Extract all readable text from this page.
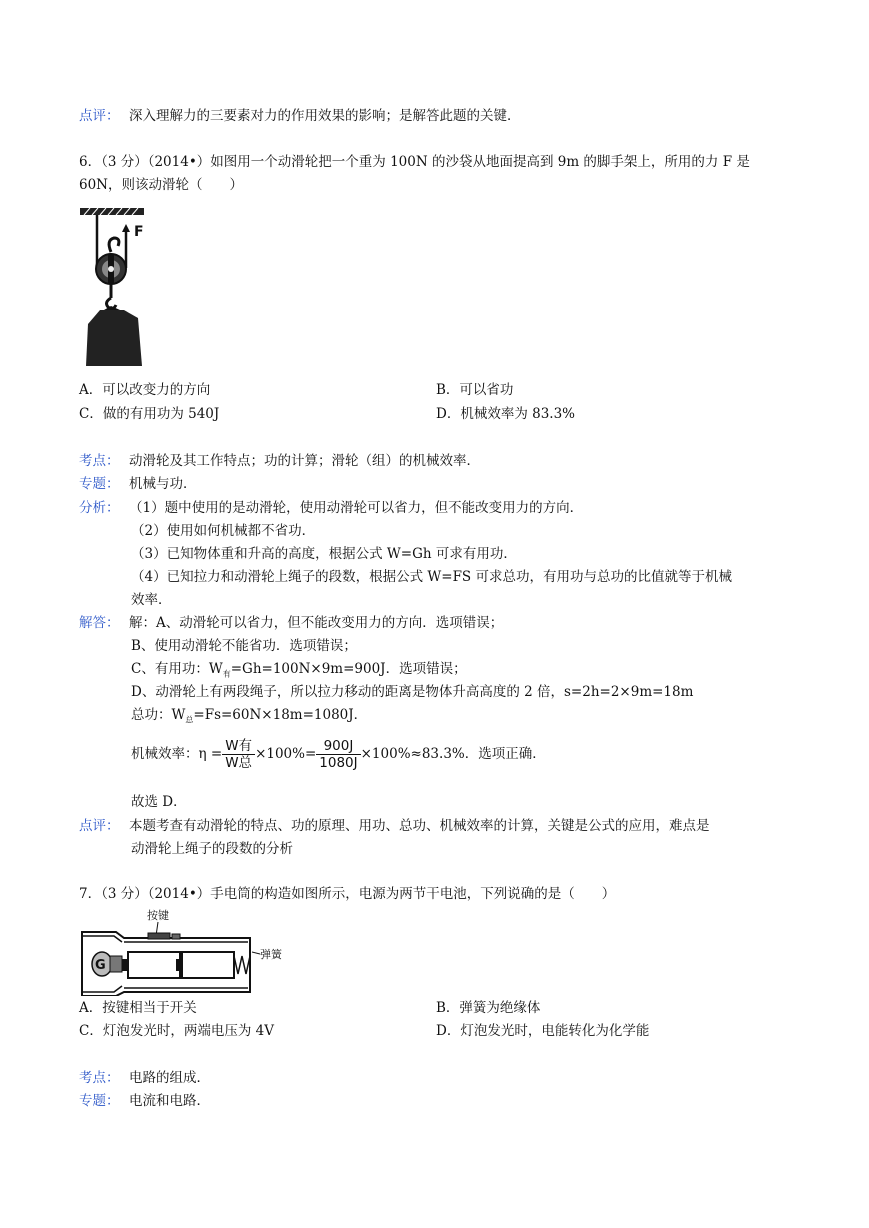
点评： 深入理解力的三要素对力的作用效果的影响；是解答此题的关键．
6．（3 分）（2014•）如图用一个动滑轮把一个重为 100N 的沙袋从地面提高到 9m 的脚手架上，所用的力 F 是
60N，则该动滑轮（　　）
F
A．可以改变力的方向	B．可以省功
C．做的有用功为 540J	D．机械效率为 83.3%
考点： 动滑轮及其工作特点；功的计算；滑轮（组）的机械效率．
专题： 机械与功．
分析： （1）题中使用的是动滑轮，使用动滑轮可以省力，但不能改变用力的方向．
（2）使用如何机械都不省功．
（3）已知物体重和升高的高度，根据公式 W=Gh 可求有用功．
（4）已知拉力和动滑轮上绳子的段数，根据公式 W=FS 可求总功，有用功与总功的比值就等于机械
效率．
解答： 解：A、动滑轮可以省力，但不能改变用力的方向．选项错误；
B、使用动滑轮不能省功．选项错误；
C、有用功：$W_有=Gh=100N\times 9m=900J$．选项错误；
D、动滑轮上有两段绳子，所以拉力移动的距离是物体升高高度的 2 倍，s=2h=2×9m=18m
总功：$W_总=Fs=60N\times 18m=1080J$．
机械效率：$\eta = \frac{\text{W有}}{\text{W总}} \times 100\%= \frac{900J}{1080J} \times 100\%\approx 83.3\%$．选项正确．
故选 D．
点评： 本题考查有动滑轮的特点、功的原理、用功、总功、机械效率的计算，关键是公式的应用，难点是
动滑轮上绳子的段数的分析
7．（3 分）（2014•）手电筒的构造如图所示，电源为两节干电池，下列说确的是（　　）
按键
弹簧
G
A．按键相当于开关	B．弹簧为绝缘体
C．灯泡发光时，两端电压为 4V	D．灯泡发光时，电能转化为化学能
考点： 电路的组成．
专题： 电流和电路．
